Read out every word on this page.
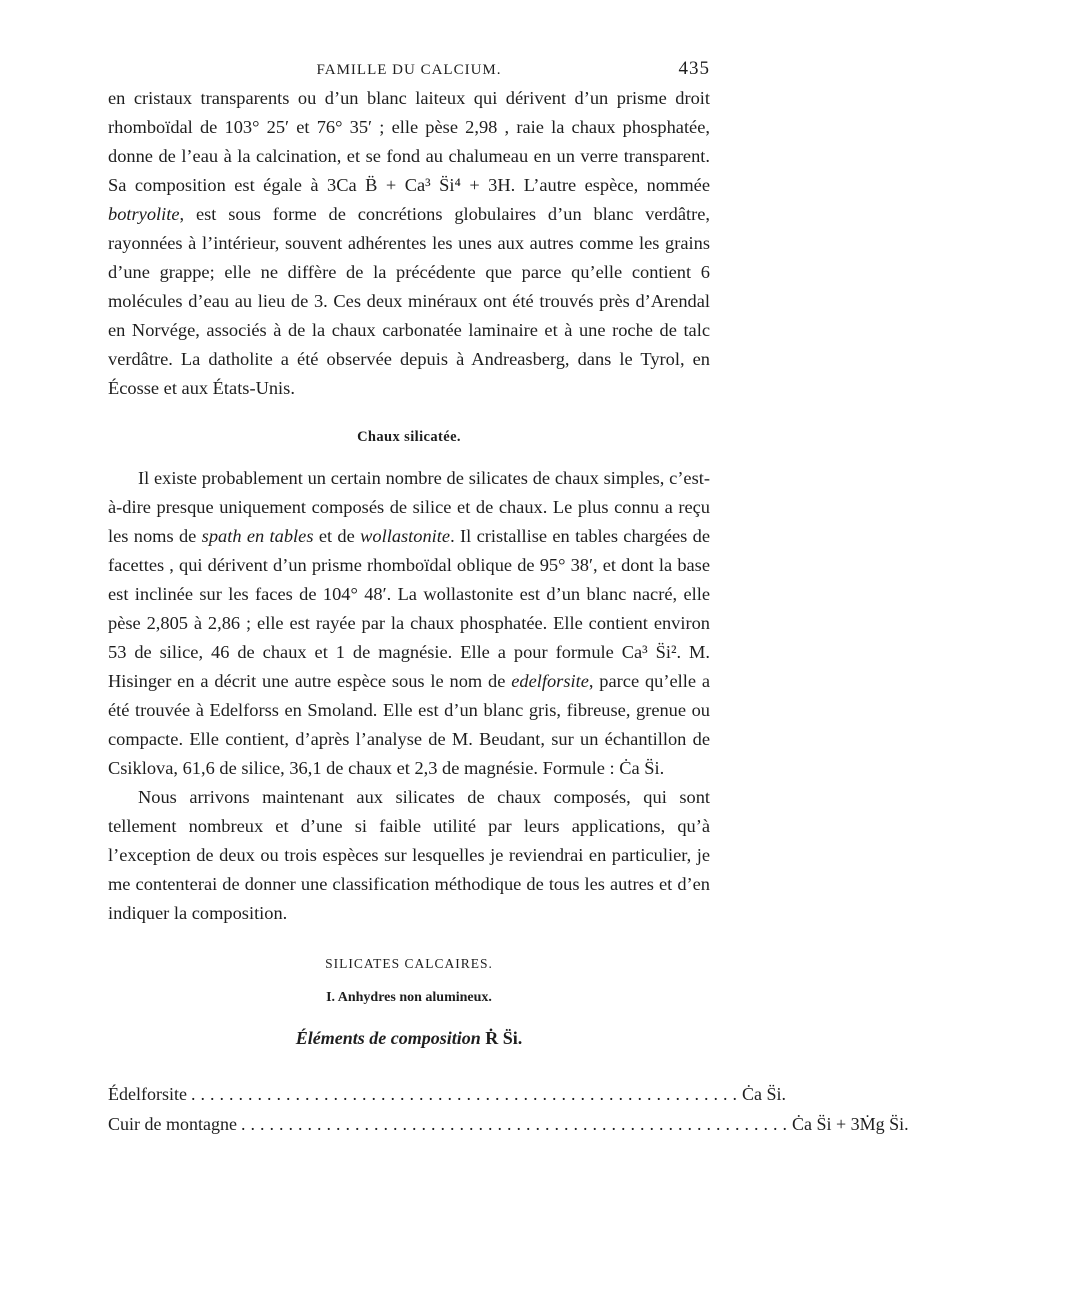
FAMILLE DU CALCIUM.	435

en cristaux transparents ou d’un blanc laiteux qui dérivent d’un prisme droit rhomboïdal de 103° 25′ et 76° 35′ ; elle pèse 2,98 , raie la chaux phosphatée, donne de l’eau à la calcination, et se fond au chalumeau en un verre transparent. Sa composition est égale à 3Ca B̈ + Ca³ S̈i⁴ + 3H. L’autre espèce, nommée botryolite, est sous forme de concrétions globulaires d’un blanc verdâtre, rayonnées à l’intérieur, souvent adhérentes les unes aux autres comme les grains d’une grappe; elle ne diffère de la précédente que parce qu’elle contient 6 molécules d’eau au lieu de 3. Ces deux minéraux ont été trouvés près d’Arendal en Norvége, associés à de la chaux carbonatée laminaire et à une roche de talc verdâtre. La datholite a été observée depuis à Andreasberg, dans le Tyrol, en Écosse et aux États-Unis.

Chaux silicatée.

Il existe probablement un certain nombre de silicates de chaux simples, c’est-à-dire presque uniquement composés de silice et de chaux. Le plus connu a reçu les noms de spath en tables et de wollastonite. Il cristallise en tables chargées de facettes , qui dérivent d’un prisme rhomboïdal oblique de 95° 38′, et dont la base est inclinée sur les faces de 104° 48′. La wollastonite est d’un blanc nacré, elle pèse 2,805 à 2,86 ; elle est rayée par la chaux phosphatée. Elle contient environ 53 de silice, 46 de chaux et 1 de magnésie. Elle a pour formule Ca³ S̈i². M. Hisinger en a décrit une autre espèce sous le nom de edelforsite, parce qu’elle a été trouvée à Edelforss en Smoland. Elle est d’un blanc gris, fibreuse, grenue ou compacte. Elle contient, d’après l’analyse de M. Beudant, sur un échantillon de Csiklova, 61,6 de silice, 36,1 de chaux et 2,3 de magnésie. Formule : Ċa S̈i.

Nous arrivons maintenant aux silicates de chaux composés, qui sont tellement nombreux et d’une si faible utilité par leurs applications, qu’à l’exception de deux ou trois espèces sur lesquelles je reviendrai en particulier, je me contenterai de donner une classification méthodique de tous les autres et d’en indiquer la composition.

SILICATES CALCAIRES.
I. Anhydres non alumineux.
Éléments de composition Ṙ S̈i.
Édelforsite .......................................................... Ċa S̈i.
Cuir de montagne .......................................................... Ċa S̈i + 3Ṁg S̈i.
